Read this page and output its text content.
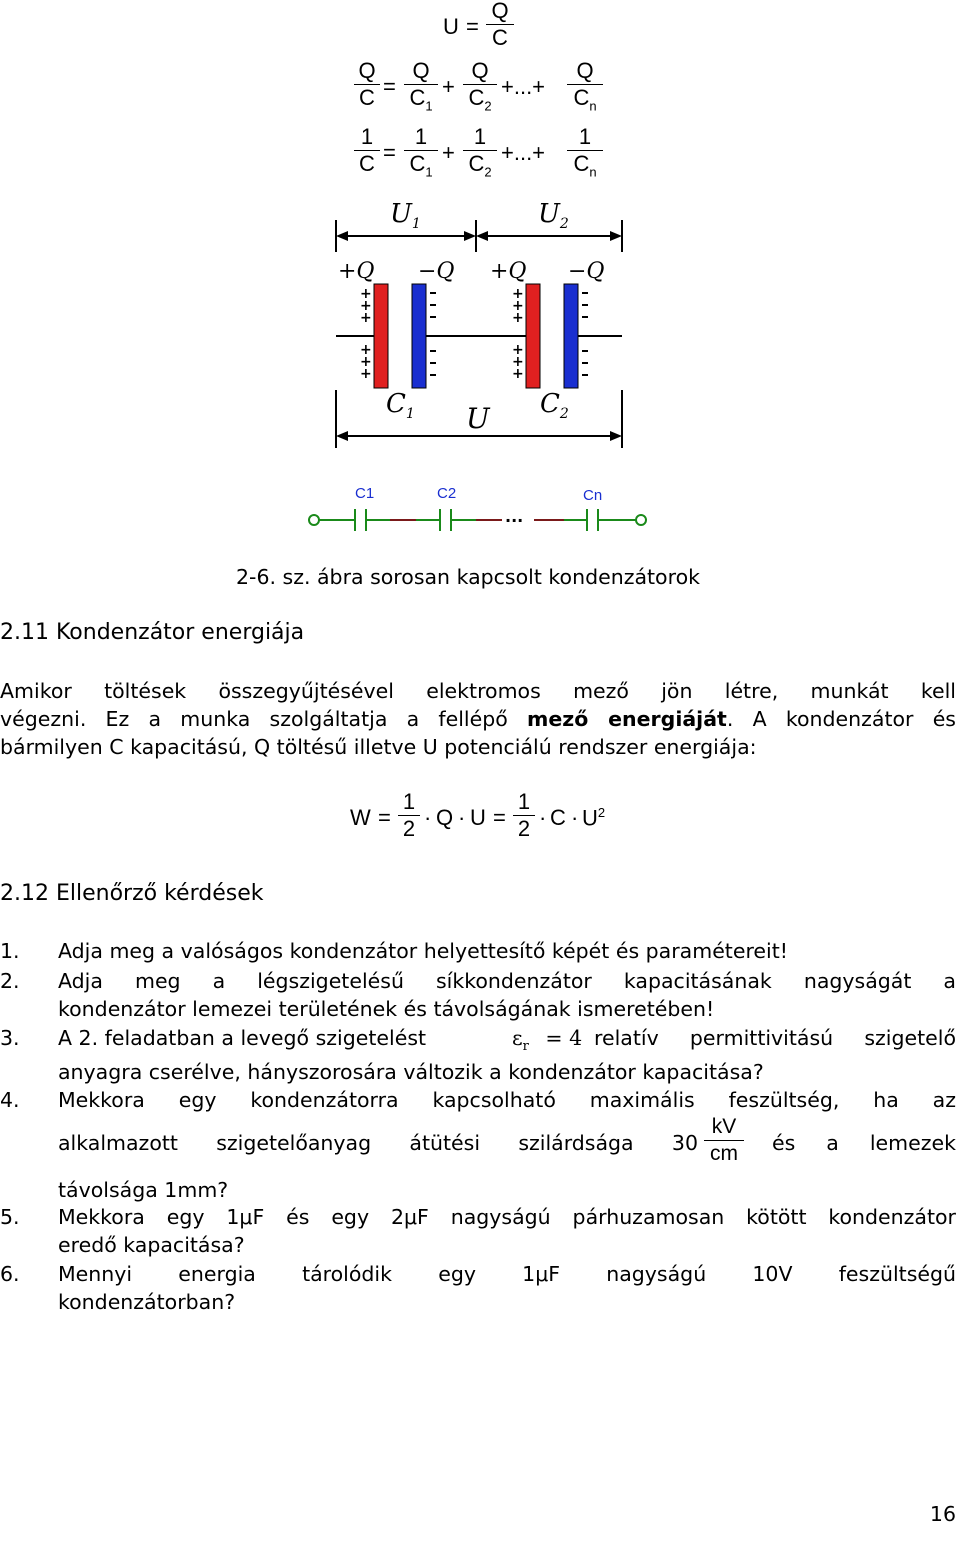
U =
Q
C
Q
C =
Q
$C_1$
+
Q
$C_2$
+...+
Q
$C_n$
1
C =
1
$C_1$
+
1
$C_2$
+...+
1
$C_n$
$U_1$	$U_2$
+Q −Q +Q −Q
+
+
+
+
+
+
+
+
+
+
+
+
$C_1$	$C_2$
U
C1	C2	Cn
...
2-6. sz. ábra sorosan kapcsolt kondenzátorok
2.11 Kondenzátor energiája
Amikor töltések összegyűjtésével elektromos mező jön létre, munkát kell
végezni. Ez a munka szolgáltatja a fellépő mező energiáját. A kondenzátor és
bármilyen C kapacitású, Q töltésű illetve U potenciálú rendszer energiája:
W =
1
2 · Q · U =
1
$2 \cdot C \cdot U^2$
2.12 Ellenőrző kérdések
1. Adja meg a valóságos kondenzátor helyettesítő képét és paramétereit!
2. Adja meg a légszigetelésű síkkondenzátor kapacitásának nagyságát a
kondenzátor lemezei területének és távolságának ismeretében!
3. A 2. feladatban a levegő szigetelést	$\varepsilon_r = 4$ relatív permittivitású szigetelő
anyagra cserélve, hányszorosára változik a kondenzátor kapacitása?
4. Mekkora egy kondenzátorra kapcsolható maximális feszültség, ha az
alkalmazott szigetelőanyag átütési szilárdsága 30
kV
cm és a lemezek
távolsága 1mm?
5. Mekkora egy 1μF és egy 2μF nagyságú párhuzamosan kötött kondenzátor
eredő kapacitása?
6. Mennyi energia tárolódik egy 1μF nagyságú 10V feszültségű
kondenzátorban?
16
